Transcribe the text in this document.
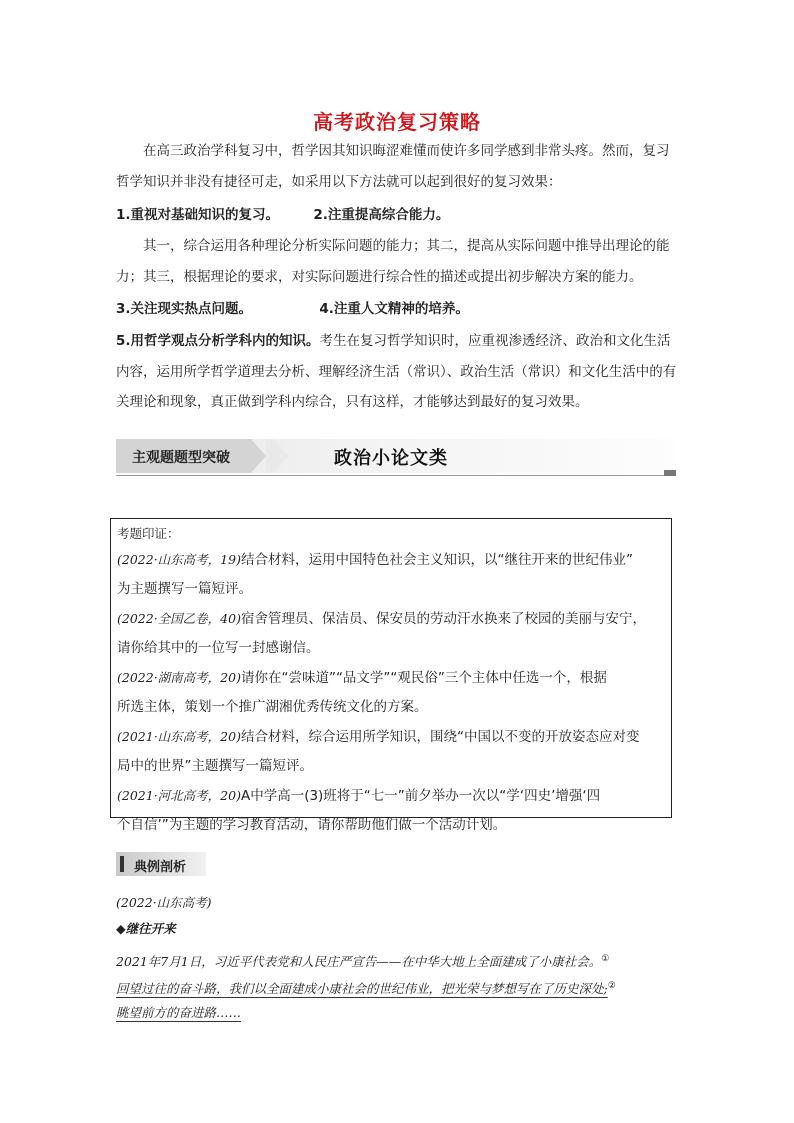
高考政治复习策略

在高三政治学科复习中，哲学因其知识晦涩难懂而使许多同学感到非常头疼。然而，复习哲学知识并非没有捷径可走，如采用以下方法就可以起到很好的复习效果：

1.重视对基础知识的复习。	2.注重提高综合能力。

其一，综合运用各种理论分析实际问题的能力；其二，提高从实际问题中推导出理论的能力；其三，根据理论的要求，对实际问题进行综合性的描述或提出初步解决方案的能力。

3.关注现实热点问题。	4.注重人文精神的培养。

5.用哲学观点分析学科内的知识。考生在复习哲学知识时，应重视渗透经济、政治和文化生活内容，运用所学哲学道理去分析、理解经济生活（常识）、政治生活（常识）和文化生活中的有关理论和现象，真正做到学科内综合，只有这样，才能够达到最好的复习效果。

主观题题型突破	政治小论文类

考题印证：

(2022·山东高考，19)结合材料，运用中国特色社会主义知识，以“继往开来的世纪伟业”
为主题撰写一篇短评。

(2022·全国乙卷，40)宿舍管理员、保洁员、保安员的劳动汗水换来了校园的美丽与安宁，
请你给其中的一位写一封感谢信。

(2022·湖南高考，20)请你在“尝味道”“品文学”“观民俗”三个主体中任选一个，根据
所选主体，策划一个推广湖湘优秀传统文化的方案。

(2021·山东高考，20)结合材料，综合运用所学知识，围绕“中国以不变的开放姿态应对变
局中的世界”主题撰写一篇短评。

(2021·河北高考，20)A中学高一(3)班将于“七一”前夕举办一次以“学‘四史’增强‘四
个自信’”为主题的学习教育活动，请你帮助他们做一个活动计划。

典例剖析
(2022·山东高考)
◆继往开来
2021年7月1日，习近平代表党和人民庄严宣告——在中华大地上全面建成了小康社会。①
回望过往的奋斗路，我们以全面建成小康社会的世纪伟业，把光荣与梦想写在了历史深处;②
眺望前方的奋进路……
